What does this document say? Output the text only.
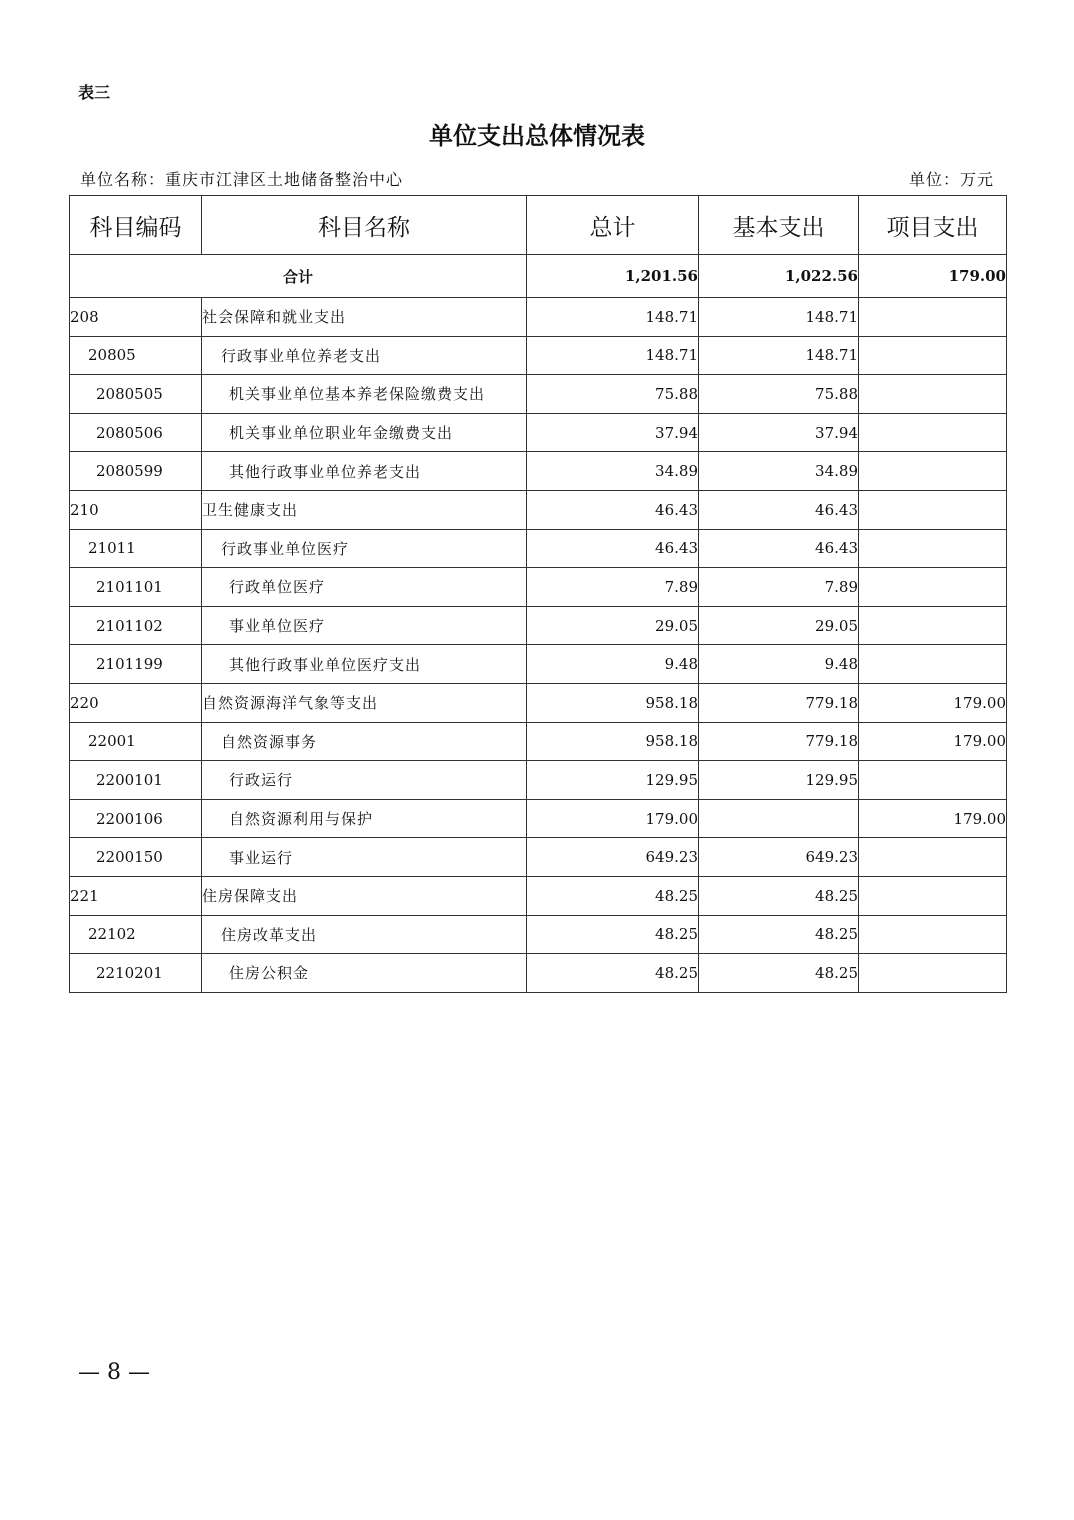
表三
单位支出总体情况表
单位名称：重庆市江津区土地储备整治中心	单位：万元
科目编码	科目名称	总计	基本支出	项目支出
合计		1,201.56	1,022.56	179.00
208	社会保障和就业支出	148.71	148.71	
20805	行政事业单位养老支出	148.71	148.71	
2080505	机关事业单位基本养老保险缴费支出	75.88	75.88	
2080506	机关事业单位职业年金缴费支出	37.94	37.94	
2080599	其他行政事业单位养老支出	34.89	34.89	
210	卫生健康支出	46.43	46.43	
21011	行政事业单位医疗	46.43	46.43	
2101101	行政单位医疗	7.89	7.89	
2101102	事业单位医疗	29.05	29.05	
2101199	其他行政事业单位医疗支出	9.48	9.48	
220	自然资源海洋气象等支出	958.18	779.18	179.00
22001	自然资源事务	958.18	779.18	179.00
2200101	行政运行	129.95	129.95	
2200106	自然资源利用与保护	179.00		179.00
2200150	事业运行	649.23	649.23	
221	住房保障支出	48.25	48.25	
22102	住房改革支出	48.25	48.25	
2210201	住房公积金	48.25	48.25	
— 8 —
